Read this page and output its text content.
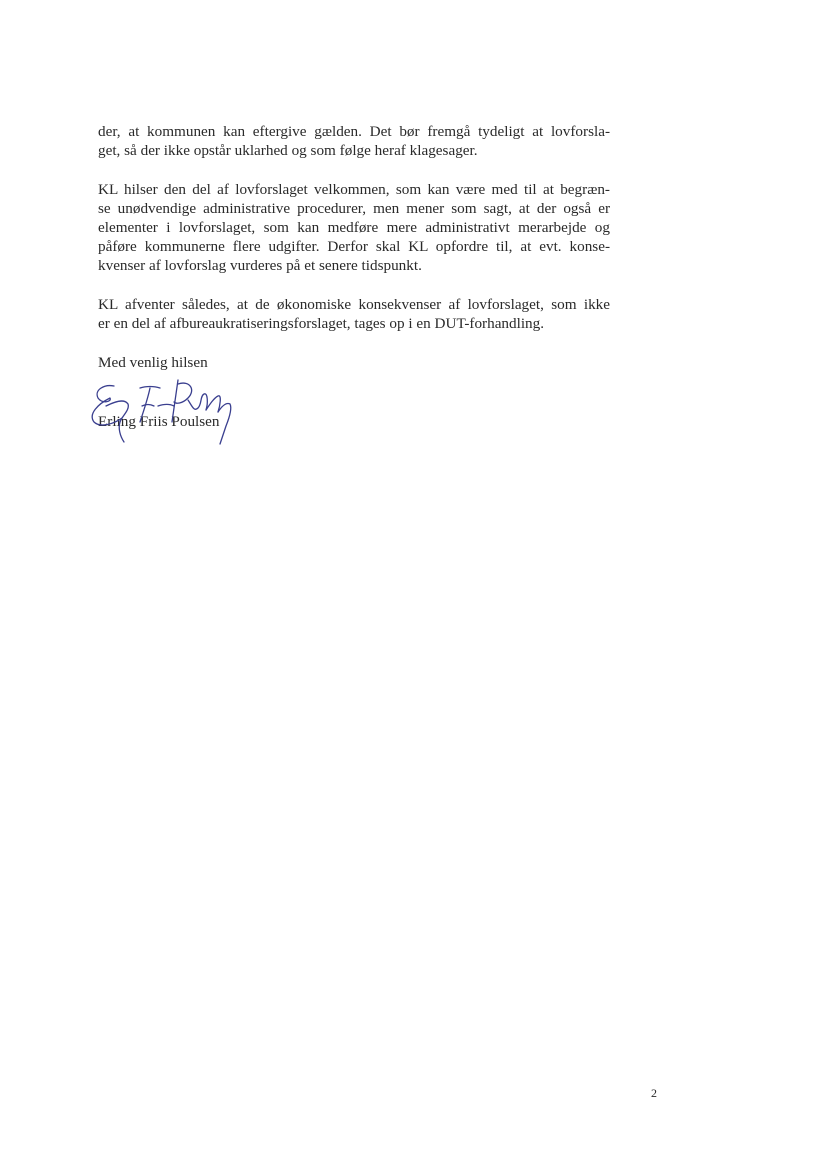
der, at kommunen kan eftergive gælden. Det bør fremgå tydeligt at lovforsla-
get, så der ikke opstår uklarhed og som følge heraf klagesager.

KL hilser den del af lovforslaget velkommen, som kan være med til at begræn-
se unødvendige administrative procedurer, men mener som sagt, at der også er
elementer i lovforslaget, som kan medføre mere administrativt merarbejde og
påføre kommunerne flere udgifter. Derfor skal KL opfordre til, at evt. konse-
kvenser af lovforslag vurderes på et senere tidspunkt.

KL afventer således, at de økonomiske konsekvenser af lovforslaget, som ikke
er en del af afbureaukratiseringsforslaget, tages op i en DUT-forhandling.

Med venlig hilsen

Erling Friis Poulsen
2
